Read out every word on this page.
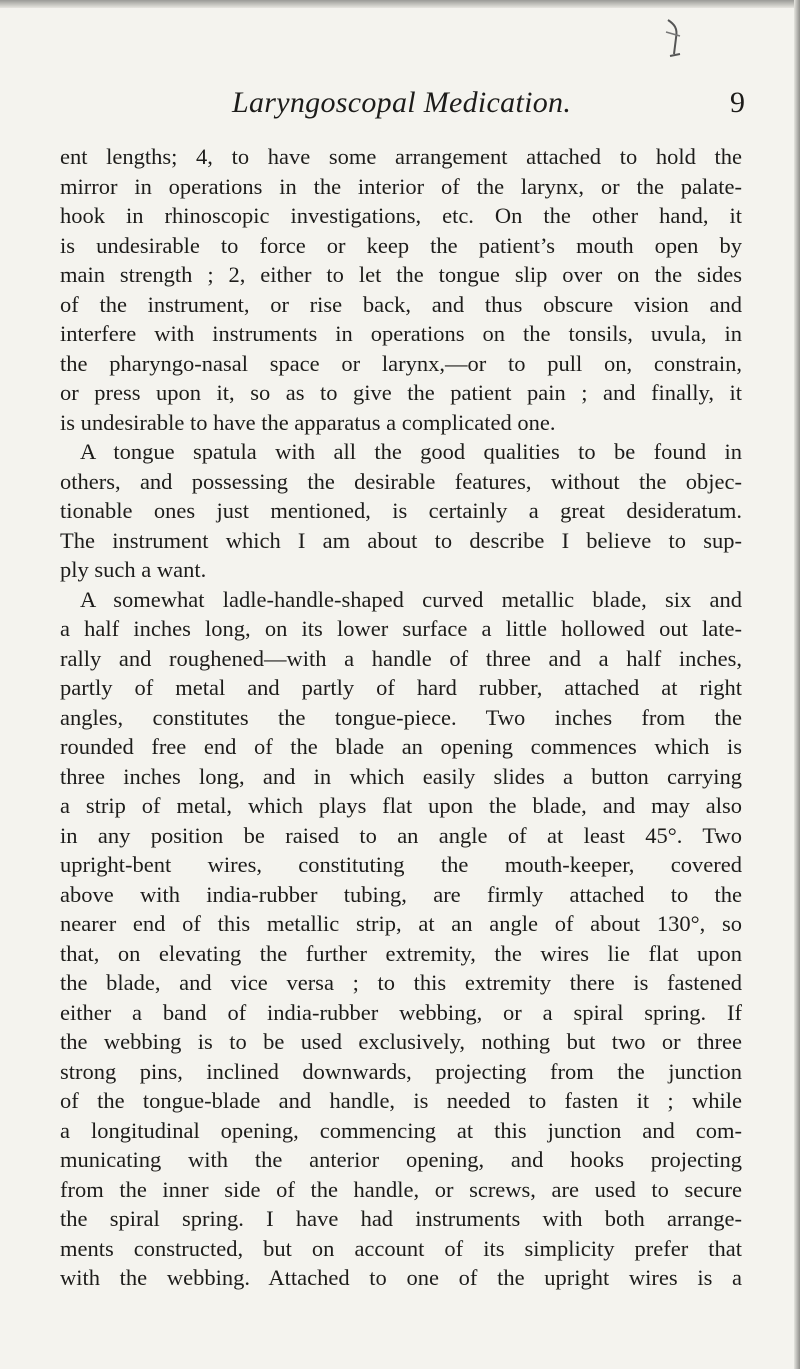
Laryngoscopal Medication.	9
ent lengths; 4, to have some arrangement attached to hold the
mirror in operations in the interior of the larynx, or the palate-
hook in rhinoscopic investigations, etc. On the other hand, it
is undesirable to force or keep the patient’s mouth open by
main strength ; 2, either to let the tongue slip over on the sides
of the instrument, or rise back, and thus obscure vision and
interfere with instruments in operations on the tonsils, uvula, in
the pharyngo-nasal space or larynx,—or to pull on, constrain,
or press upon it, so as to give the patient pain ; and finally, it
is undesirable to have the apparatus a complicated one.
A tongue spatula with all the good qualities to be found in
others, and possessing the desirable features, without the objec-
tionable ones just mentioned, is certainly a great desideratum.
The instrument which I am about to describe I believe to sup-
ply such a want.
A somewhat ladle-handle-shaped curved metallic blade, six and
a half inches long, on its lower surface a little hollowed out late-
rally and roughened—with a handle of three and a half inches,
partly of metal and partly of hard rubber, attached at right
angles, constitutes the tongue-piece. Two inches from the
rounded free end of the blade an opening commences which is
three inches long, and in which easily slides a button carrying
a strip of metal, which plays flat upon the blade, and may also
in any position be raised to an angle of at least 45°. Two
upright-bent wires, constituting the mouth-keeper, covered
above with india-rubber tubing, are firmly attached to the
nearer end of this metallic strip, at an angle of about 130°, so
that, on elevating the further extremity, the wires lie flat upon
the blade, and vice versa ; to this extremity there is fastened
either a band of india-rubber webbing, or a spiral spring. If
the webbing is to be used exclusively, nothing but two or three
strong pins, inclined downwards, projecting from the junction
of the tongue-blade and handle, is needed to fasten it ; while
a longitudinal opening, commencing at this junction and com-
municating with the anterior opening, and hooks projecting
from the inner side of the handle, or screws, are used to secure
the spiral spring. I have had instruments with both arrange-
ments constructed, but on account of its simplicity prefer that
with the webbing. Attached to one of the upright wires is a
